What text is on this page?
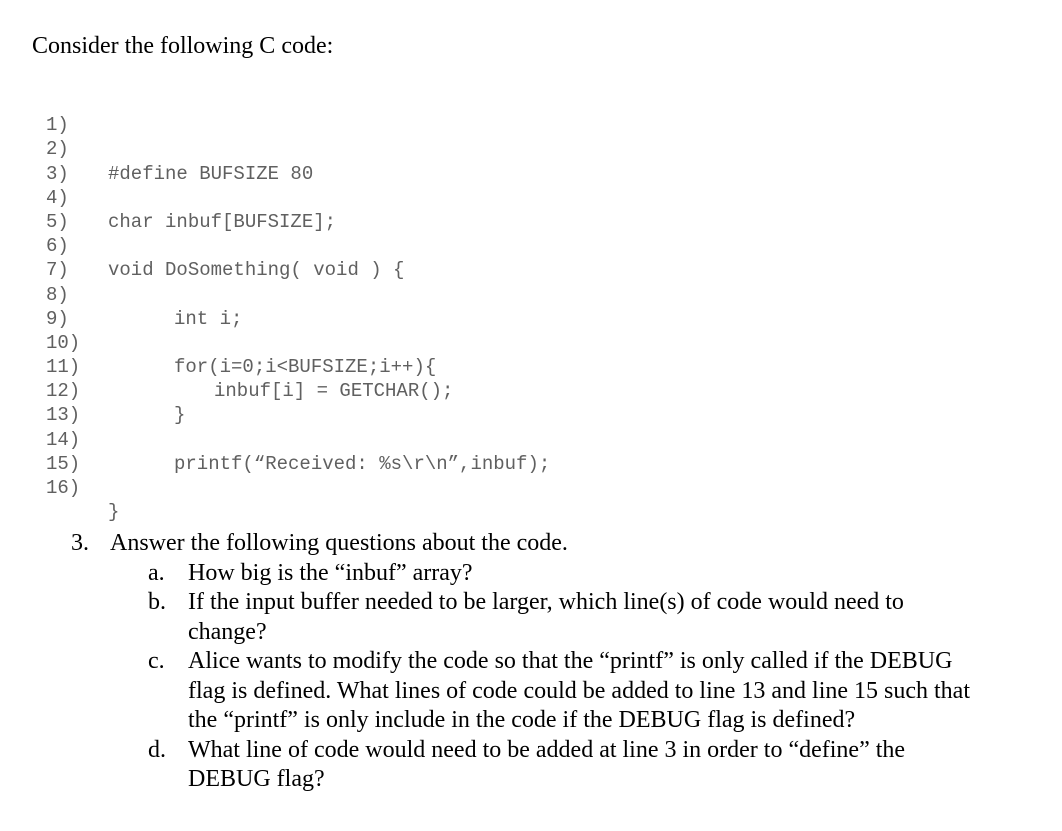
Consider the following C code:

1)

2)

#define BUFSIZE 80

3)

4)

char inbuf[BUFSIZE];

5)

6)

void DoSomething( void ) {

7)

8)

int i;

9)

10)

for(i=0;i<BUFSIZE;i++){

11)

inbuf[i] = GETCHAR();

12)

}

13)

14)

printf(“Received: %s\r\n”,inbuf);

15)

16)

}

3. Answer the following questions about the code.
a. How big is the “inbuf” array?
b. If the input buffer needed to be larger, which line(s) of code would need to
change?
c. Alice wants to modify the code so that the “printf” is only called if the DEBUG
flag is defined. What lines of code could be added to line 13 and line 15 such that
the “printf” is only include in the code if the DEBUG flag is defined?
d. What line of code would need to be added at line 3 in order to “define” the
DEBUG flag?
